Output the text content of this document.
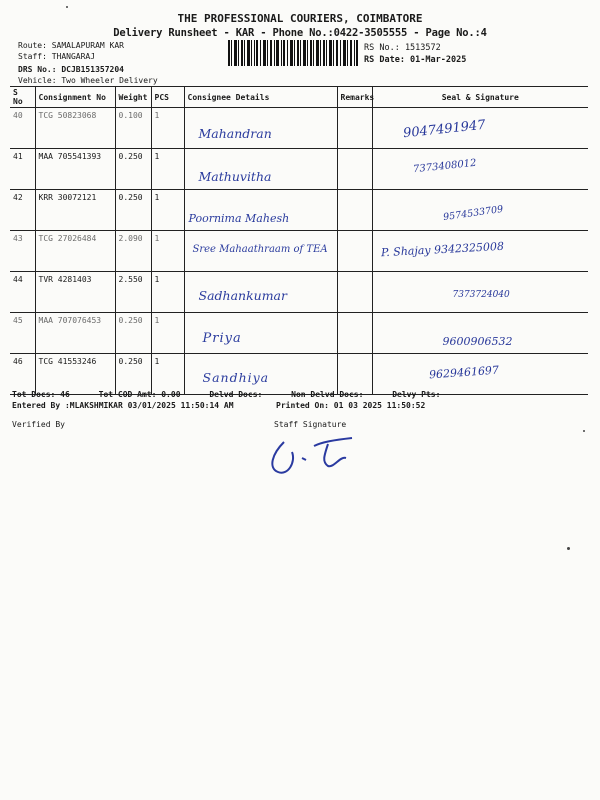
THE PROFESSIONAL COURIERS, COIMBATORE
Delivery Runsheet - KAR - Phone No.:0422-3505555 - Page No.:4
Route: SAMALAPURAM KAR
Staff: THANGARAJ
DRS No.: DCJB151357204
Vehicle: Two Wheeler Delivery
RS No.: 1513572
RS Date: 01-Mar-2025
S No	Consignment No	Weight	PCS	Consignee Details	Remarks	Seal & Signature
40	TCG 50823068	0.100	1	Mahandran		9047491947

41	MAA 705541393	0.250	1	Mathuvitha		7373408012

42	KRR 30072121	0.250	1	Poornima Mahesh		9574533709

43	TCG 27026484	2.090	1	Sree Mahaathraam of TEA		P. Shajay 9342325008

44	TVR 4281403	2.550	1	Sadhankumar		7373724040

45	MAA 707076453	0.250	1	Priya		9600906532

46	TCG 41553246	0.250	1	Sandhiya		9629461697
Tot Docs: 46	Tot COD Amt: 0.00	Delvd Docs:	Non Delvd Docs:	Delvy Pts:
Entered By :MLAKSHMIKAR 03/01/2025 11:50:14 AM	Printed On: 01 03 2025 11:50:52
Verified By	Staff Signature
